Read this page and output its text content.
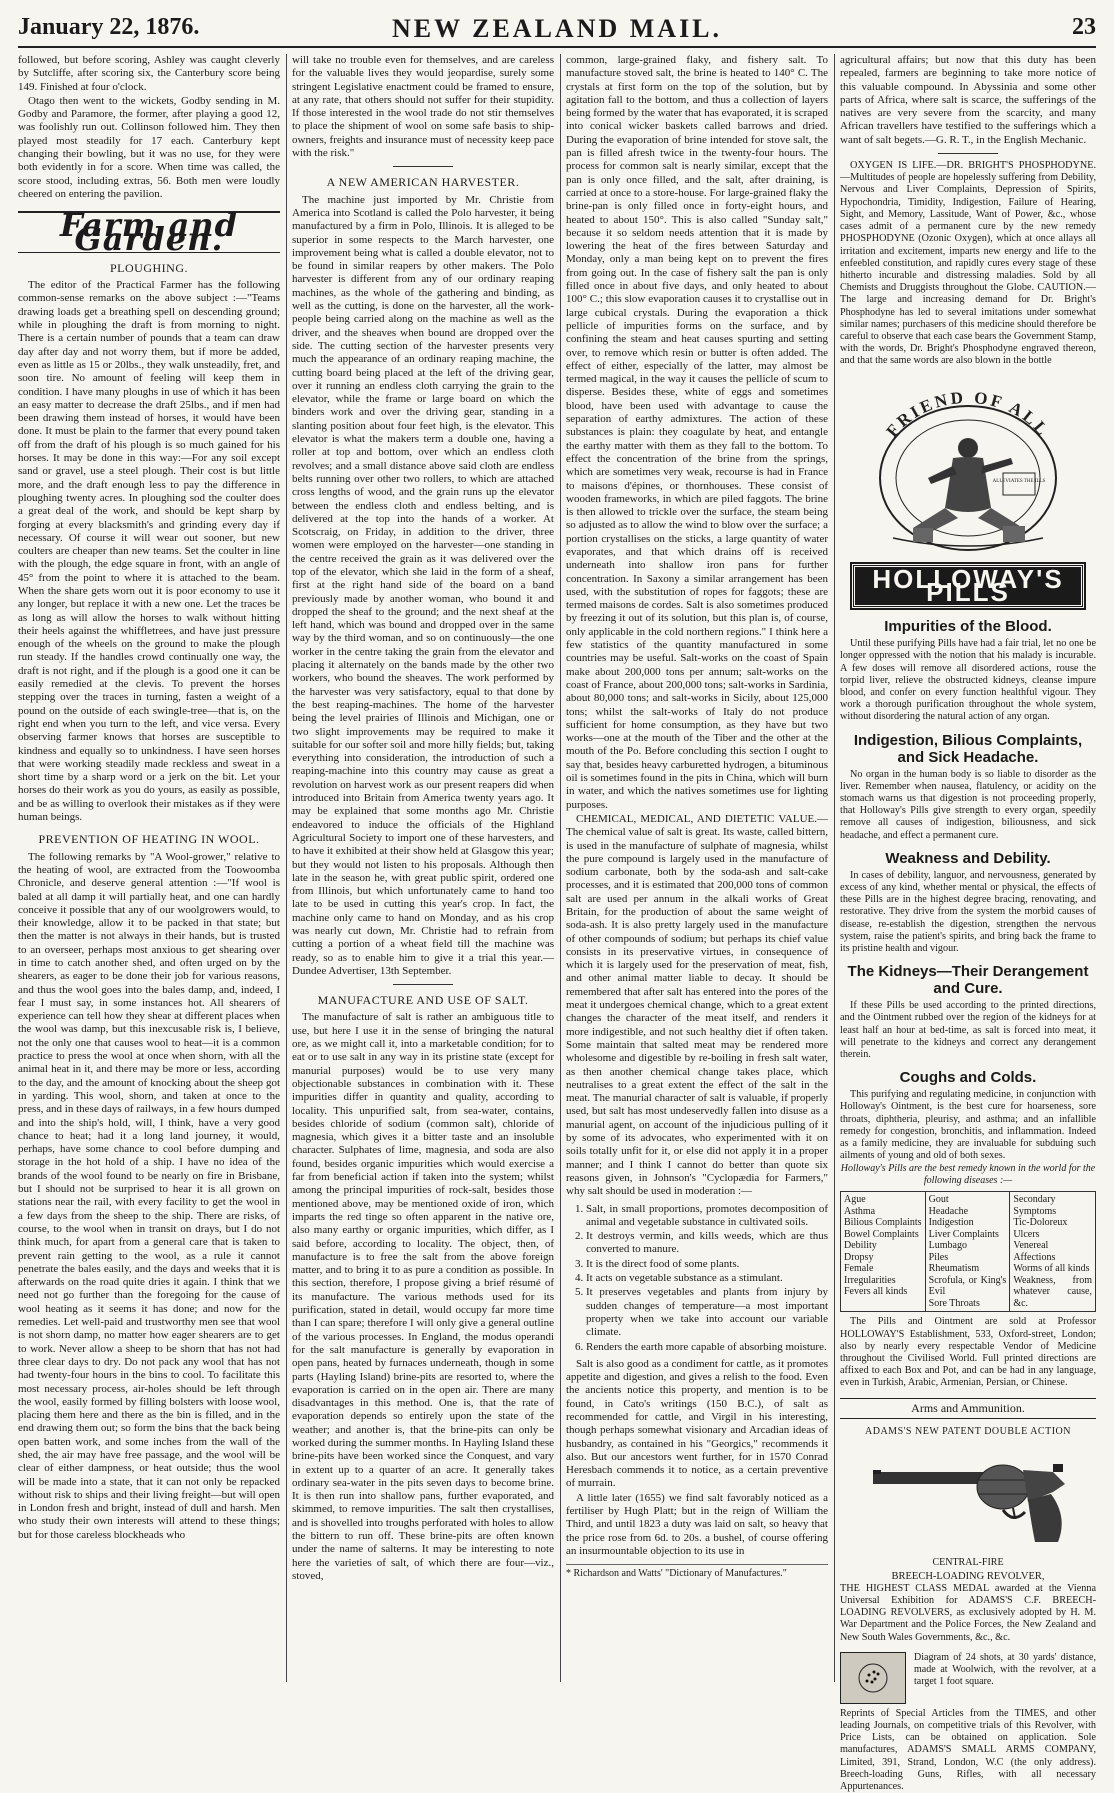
January 22, 1876.	NEW ZEALAND MAIL.	23

followed, but before scoring, Ashley was caught cleverly by Sutcliffe, after scoring six, the Canterbury score being 149. Finished at four o'clock.

Otago then went to the wickets, Godby sending in M. Godby and Paramore, the former, after playing a good 12, was foolishly run out. Collinson followed him. They then played most steadily for 17 each. Canterbury kept changing their bowling, but it was no use, for they were both evidently in for a score. When time was called, the score stood, including extras, 56. Both men were loudly cheered on entering the pavilion.

Farm and Garden.
PLOUGHING.

The editor of the Practical Farmer has the following common-sense remarks on the above subject :—"Teams drawing loads get a breathing spell on descending ground; while in ploughing the draft is from morning to night. There is a certain number of pounds that a team can draw day after day and not worry them, but if more be added, even as little as 15 or 20lbs., they walk unsteadily, fret, and soon tire. No amount of feeling will keep them in condition. I have many ploughs in use of which it has been an easy matter to decrease the draft 25lbs., and if men had been drawing them instead of horses, it would have been done. It must be plain to the farmer that every pound taken off from the draft of his plough is so much gained for his horses. It may be done in this way:—For any soil except sand or gravel, use a steel plough. Their cost is but little more, and the draft enough less to pay the difference in ploughing twenty acres. In ploughing sod the coulter does a great deal of the work, and should be kept sharp by forging at every blacksmith's and grinding every day if necessary. Of course it will wear out sooner, but new coulters are cheaper than new teams. Set the coulter in line with the plough, the edge square in front, with an angle of 45° from the point to where it is attached to the beam. When the share gets worn out it is poor economy to use it any longer, but replace it with a new one. Let the traces be as long as will allow the horses to walk without hitting their heels against the whiffletrees, and have just pressure enough of the wheels on the ground to make the plough run steady. If the handles crowd continually one way, the draft is not right, and if the plough is a good one it can be easily remedied at the clevis. To prevent the horses stepping over the traces in turning, fasten a weight of a pound on the outside of each swingle-tree—that is, on the right end when you turn to the left, and vice versa. Every observing farmer knows that horses are susceptible to kindness and equally so to unkindness. I have seen horses that were working steadily made reckless and sweat in a short time by a sharp word or a jerk on the bit. Let your horses do their work as you do yours, as easily as possible, and be as willing to overlook their mistakes as if they were human beings.

PREVENTION OF HEATING IN WOOL.

The following remarks by "A Wool-grower," relative to the heating of wool, are extracted from the Toowoomba Chronicle, and deserve general attention :—"If wool is baled at all damp it will partially heat, and one can hardly conceive it possible that any of our woolgrowers would, to their knowledge, allow it to be packed in that state; but then the matter is not always in their hands, but is trusted to an overseer, perhaps most anxious to get shearing over in time to catch another shed, and often urged on by the shearers, as eager to be done their job for various reasons, and thus the wool goes into the bales damp, and, indeed, I fear I must say, in some instances hot. All shearers of experience can tell how they shear at different places when the wool was damp, but this inexcusable risk is, I believe, not the only one that causes wool to heat—it is a common practice to press the wool at once when shorn, with all the animal heat in it, and there may be more or less, according to the day, and the amount of knocking about the sheep got in yarding. This wool, shorn, and taken at once to the press, and in these days of railways, in a few hours dumped and into the ship's hold, will, I think, have a very good chance to heat; had it a long land journey, it would, perhaps, have some chance to cool before dumping and storage in the hot hold of a ship. I have no idea of the brands of the wool found to be nearly on fire in Brisbane, but I should not be surprised to hear it is all grown on stations near the rail, with every facility to get the wool in a few days from the sheep to the ship. There are risks, of course, to the wool when in transit on drays, but I do not think much, for apart from a general care that is taken to prevent rain getting to the wool, as a rule it cannot penetrate the bales easily, and the days and weeks that it is afterwards on the road quite dries it again. I think that we need not go further than the foregoing for the cause of wool heating as it seems it has done; and now for the remedies. Let well-paid and trustworthy men see that wool is not shorn damp, no matter how eager shearers are to get to work. Never allow a sheep to be shorn that has not had three clear days to dry. Do not pack any wool that has not had twenty-four hours in the bins to cool. To facilitate this most necessary process, air-holes should be left through the wool, easily formed by filling bolsters with loose wool, placing them here and there as the bin is filled, and in the end drawing them out; so form the bins that the back being open batten work, and some inches from the wall of the shed, the air may have free passage, and the wool will be clear of either dampness, or heat outside; thus the wool will be made into a state, that it can not only be repacked without risk to ships and their living freight—but will open in London fresh and bright, instead of dull and harsh. Men who study their own interests will attend to these things; but for those careless blockheads who

will take no trouble even for themselves, and are careless for the valuable lives they would jeopardise, surely some stringent Legislative enactment could be framed to ensure, at any rate, that others should not suffer for their stupidity. If those interested in the wool trade do not stir themselves to place the shipment of wool on some safe basis to ship-owners, freights and insurance must of necessity keep pace with the risk."

A NEW AMERICAN HARVESTER.

The machine just imported by Mr. Christie from America into Scotland is called the Polo harvester, it being manufactured by a firm in Polo, Illinois. It is alleged to be superior in some respects to the March harvester, one improvement being what is called a double elevator, not to be found in similar reapers by other makers. The Polo harvester is different from any of our ordinary reaping machines, as the whole of the gathering and binding, as well as the cutting, is done on the harvester, all the work-people being carried along on the machine as well as the driver, and the sheaves when bound are dropped over the side. The cutting section of the harvester presents very much the appearance of an ordinary reaping machine, the cutting board being placed at the left of the driving gear, over it running an endless cloth carrying the grain to the elevator, while the frame or large board on which the binders work and over the driving gear, standing in a slanting position about four feet high, is the elevator. This elevator is what the makers term a double one, having a roller at top and bottom, over which an endless cloth revolves; and a small distance above said cloth are endless belts running over other two rollers, to which are attached cross lengths of wood, and the grain runs up the elevator between the endless cloth and endless belting, and is delivered at the top into the hands of a worker. At Scotscraig, on Friday, in addition to the driver, three women were employed on the harvester—one standing in the centre received the grain as it was delivered over the top of the elevator, which she laid in the form of a sheaf, first at the right hand side of the board on a band previously made by another woman, who bound it and dropped the sheaf to the ground; and the next sheaf at the left hand, which was bound and dropped over in the same way by the third woman, and so on continuously—the one worker in the centre taking the grain from the elevator and placing it alternately on the bands made by the other two workers, who bound the sheaves. The work performed by the harvester was very satisfactory, equal to that done by the best reaping-machines. The home of the harvester being the level prairies of Illinois and Michigan, one or two slight improvements may be required to make it suitable for our softer soil and more hilly fields; but, taking everything into consideration, the introduction of such a reaping-machine into this country may cause as great a revolution on harvest work as our present reapers did when introduced into Britain from America twenty years ago. It may be explained that some months ago Mr. Christie endeavored to induce the officials of the Highland Agricultural Society to import one of these harvesters, and to have it exhibited at their show held at Glasgow this year; but they would not listen to his proposals. Although then late in the season he, with great public spirit, ordered one from Illinois, but which unfortunately came to hand too late to be used in cutting this year's crop. In fact, the machine only came to hand on Monday, and as his crop was nearly cut down, Mr. Christie had to refrain from cutting a portion of a wheat field till the machine was ready, so as to enable him to give it a trial this year.—Dundee Advertiser, 13th September.

MANUFACTURE AND USE OF SALT.

The manufacture of salt is rather an ambiguous title to use, but here I use it in the sense of bringing the natural ore, as we might call it, into a marketable condition; for to eat or to use salt in any way in its pristine state (except for manurial purposes) would be to use very many objectionable substances in combination with it. These impurities differ in quantity and quality, according to locality. This unpurified salt, from sea-water, contains, besides chloride of sodium (common salt), chloride of magnesia, which gives it a bitter taste and an insoluble character. Sulphates of lime, magnesia, and soda are also found, besides organic impurities which would exercise a far from beneficial action if taken into the system; whilst among the principal impurities of rock-salt, besides those mentioned above, may be mentioned oxide of iron, which imparts the red tinge so often apparent in the native ore, also many earthy or organic impurities, which differ, as I said before, according to locality. The object, then, of manufacture is to free the salt from the above foreign matter, and to bring it to as pure a condition as possible. In this section, therefore, I propose giving a brief résumé of its manufacture. The various methods used for its purification, stated in detail, would occupy far more time than I can spare; therefore I will only give a general outline of the various processes. In England, the modus operandi for the salt manufacture is generally by evaporation in open pans, heated by furnaces underneath, though in some parts (Hayling Island) brine-pits are resorted to, where the evaporation is carried on in the open air. There are many disadvantages in this method. One is, that the rate of evaporation depends so entirely upon the state of the weather; and another is, that the brine-pits can only be worked during the summer months. In Hayling Island these brine-pits have been worked since the Conquest, and vary in extent up to a quarter of an acre. It generally takes ordinary sea-water in the pits seven days to become brine. It is then run into shallow pans, further evaporated, and skimmed, to remove impurities. The salt then crystallises, and is shovelled into troughs perforated with holes to allow the bittern to run off. These brine-pits are often known under the name of salterns. It may be interesting to note here the varieties of salt, of which there are four—viz., stoved,

common, large-grained flaky, and fishery salt. To manufacture stoved salt, the brine is heated to 140° C. The crystals at first form on the top of the solution, but by agitation fall to the bottom, and thus a collection of layers being formed by the water that has evaporated, it is scraped into conical wicker baskets called barrows and dried. During the evaporation of brine intended for stove salt, the pan is filled afresh twice in the twenty-four hours. The process for common salt is nearly similar, except that the pan is only once filled, and the salt, after draining, is carried at once to a store-house. For large-grained flaky the brine-pan is only filled once in forty-eight hours, and heated to about 150°. This is also called "Sunday salt," because it so seldom needs attention that it is made by lowering the heat of the fires between Saturday and Monday, only a man being kept on to prevent the fires from going out. In the case of fishery salt the pan is only filled once in about five days, and only heated to about 100° C.; this slow evaporation causes it to crystallise out in large cubical crystals. During the evaporation a thick pellicle of impurities forms on the surface, and by confining the steam and heat causes spurting and setting over, to remove which resin or butter is often added. The effect of either, especially of the latter, may almost be termed magical, in the way it causes the pellicle of scum to disperse. Besides these, white of eggs and sometimes blood, have been used with advantage to cause the separation of earthy admixtures. The action of these substances is plain: they coagulate by heat, and entangle the earthy matter with them as they fall to the bottom. To effect the concentration of the brine from the springs, which are sometimes very weak, recourse is had in France to maisons d'épines, or thornhouses. These consist of wooden frameworks, in which are piled faggots. The brine is then allowed to trickle over the surface, the steam being so adjusted as to allow the wind to blow over the surface; a portion crystallises on the sticks, a large quantity of water evaporates, and that which drains off is received underneath into shallow iron pans for further concentration. In Saxony a similar arrangement has been used, with the substitution of ropes for faggots; these are termed maisons de cordes. Salt is also sometimes produced by freezing it out of its solution, but this plan is, of course, only applicable in the cold northern regions." I think here a few statistics of the quantity manufactured in some countries may be useful. Salt-works on the coast of Spain make about 200,000 tons per annum; salt-works on the coast of France, about 200,000 tons; salt-works in Sardinia, about 80,000 tons; and salt-works in Sicily, about 125,000 tons; whilst the salt-works of Italy do not produce sufficient for home consumption, as they have but two works—one at the mouth of the Tiber and the other at the mouth of the Po. Before concluding this section I ought to say that, besides heavy carburetted hydrogen, a bituminous oil is sometimes found in the pits in China, which will burn in water, and which the natives sometimes use for lighting purposes.

CHEMICAL, MEDICAL, AND DIETETIC VALUE.—The chemical value of salt is great. Its waste, called bittern, is used in the manufacture of sulphate of magnesia, whilst the pure compound is largely used in the manufacture of sodium carbonate, both by the soda-ash and salt-cake processes, and it is estimated that 200,000 tons of common salt are used per annum in the alkali works of Great Britain, for the production of about the same weight of soda-ash. It is also pretty largely used in the manufacture of other compounds of sodium; but perhaps its chief value consists in its preservative virtues, in consequence of which it is largely used for the preservation of meat, fish, and other animal matter liable to decay. It should be remembered that after salt has entered into the pores of the meat it undergoes chemical change, which to a great extent changes the character of the meat itself, and renders it more indigestible, and not such healthy diet if often taken. Some maintain that salted meat may be rendered more wholesome and digestible by re-boiling in fresh salt water, as then another chemical change takes place, which neutralises to a great extent the effect of the salt in the meat. The manurial character of salt is valuable, if properly used, but salt has most undeservedly fallen into disuse as a manurial agent, on account of the injudicious pulling of it by some of its advocates, who experimented with it on soils totally unfit for it, or else did not apply it in a proper manner; and I think I cannot do better than quote six reasons given, in Johnson's "Cyclopædia for Farmers," why salt should be used in moderation :—

1. Salt, in small proportions, promotes decomposition of animal and vegetable substance in cultivated soils.
2. It destroys vermin, and kills weeds, which are thus converted to manure.
3. It is the direct food of some plants.
4. It acts on vegetable substance as a stimulant.
5. It preserves vegetables and plants from injury by sudden changes of temperature—a most important property when we take into account our variable climate.
6. Renders the earth more capable of absorbing moisture.

Salt is also good as a condiment for cattle, as it promotes appetite and digestion, and gives a relish to the food. Even the ancients notice this property, and mention is to be found, in Cato's writings (150 B.C.), of salt as recommended for cattle, and Virgil in his interesting, though perhaps somewhat visionary and Arcadian ideas of husbandry, as contained in his "Georgics," recommends it also. But our ancestors went further, for in 1570 Conrad Heresbach commends it to notice, as a certain preventive of murrain.

A little later (1655) we find salt favorably noticed as a fertiliser by Hugh Platt; but in the reign of William the Third, and until 1823 a duty was laid on salt, so heavy that the price rose from 6d. to 20s. a bushel, of course offering an insurmountable objection to its use in

* Richardson and Watts' "Dictionary of Manufactures."

agricultural affairs; but now that this duty has been repealed, farmers are beginning to take more notice of this valuable compound. In Abyssinia and some other parts of Africa, where salt is scarce, the sufferings of the natives are very severe from the scarcity, and many African travellers have testified to the sufferings which a want of salt begets.—G. R. T., in the English Mechanic.

OXYGEN IS LIFE.—DR. BRIGHT'S PHOSPHODYNE.—Multitudes of people are hopelessly suffering from Debility, Nervous and Liver Complaints, Depression of Spirits, Hypochondria, Timidity, Indigestion, Failure of Hearing, Sight, and Memory, Lassitude, Want of Power, &c., whose cases admit of a permanent cure by the new remedy PHOSPHODYNE (Ozonic Oxygen), which at once allays all irritation and excitement, imparts new energy and life to the enfeebled constitution, and rapidly cures every stage of these hitherto incurable and distressing maladies. Sold by all Chemists and Druggists throughout the Globe. CAUTION.—The large and increasing demand for Dr. Bright's Phosphodyne has led to several imitations under somewhat similar names; purchasers of this medicine should therefore be careful to observe that each case bears the Government Stamp, with the words, Dr. Bright's Phosphodyne engraved thereon, and that the same words are also blown in the bottle

FRIEND OF ALL
ALLEVIATES THE ILLS
HOLLOWAY'S PILLS
Impurities of the Blood.

Until these purifying Pills have had a fair trial, let no one be longer oppressed with the notion that his malady is incurable. A few doses will remove all disordered actions, rouse the torpid liver, relieve the obstructed kidneys, cleanse impure blood, and confer on every function healthful vigour. They work a thorough purification throughout the whole system, without disordering the natural action of any organ.

Indigestion, Bilious Complaints, and Sick Headache.

No organ in the human body is so liable to disorder as the liver. Remember when nausea, flatulency, or acidity on the stomach warns us that digestion is not proceeding properly, that Holloway's Pills give strength to every organ, speedily remove all causes of indigestion, biliousness, and sick headache, and effect a permanent cure.

Weakness and Debility.

In cases of debility, languor, and nervousness, generated by excess of any kind, whether mental or physical, the effects of these Pills are in the highest degree bracing, renovating, and restorative. They drive from the system the morbid causes of disease, re-establish the digestion, strengthen the nervous system, raise the patient's spirits, and bring back the frame to its pristine health and vigour.

The Kidneys—Their Derangement and Cure.

If these Pills be used according to the printed directions, and the Ointment rubbed over the region of the kidneys for at least half an hour at bed-time, as salt is forced into meat, it will penetrate to the kidneys and correct any derangement therein.

Coughs and Colds.

This purifying and regulating medicine, in conjunction with Holloway's Ointment, is the best cure for hoarseness, sore throats, diphtheria, pleurisy, and asthma; and an infallible remedy for congestion, bronchitis, and inflammation. Indeed as a family medicine, they are invaluable for subduing such ailments of young and old of both sexes.

Holloway's Pills are the best remedy known in the world for the following diseases :—
Ague
Asthma
Bilious Complaints
Bowel Complaints
Debility
Dropsy
Female Irregularities
Fevers all kinds
Gout
Headache
Indigestion
Liver Complaints
Lumbago
Piles
Rheumatism
Scrofula, or King's Evil
Sore Throats
Secondary Symptoms
Tic-Doloreux
Ulcers
Venereal Affections
Worms of all kinds
Weakness, from whatever cause, &c.

The Pills and Ointment are sold at Professor HOLLOWAY'S Establishment, 533, Oxford-street, London; also by nearly every respectable Vendor of Medicine throughout the Civilised World. Full printed directions are affixed to each Box and Pot, and can be had in any language, even in Turkish, Arabic, Armenian, Persian, or Chinese.

Arms and Ammunition.
ADAMS'S NEW PATENT DOUBLE ACTION
CENTRAL-FIRE
BREECH-LOADING REVOLVER,

THE HIGHEST CLASS MEDAL awarded at the Vienna Universal Exhibition for ADAMS'S C.F. BREECH-LOADING REVOLVERS, as exclusively adopted by H. M. War Department and the Police Forces, the New Zealand and New South Wales Governments, &c., &c.

Diagram of 24 shots, at 30 yards' distance, made at Woolwich, with the revolver, at a target 1 foot square.

Reprints of Special Articles from the TIMES, and other leading Journals, on competitive trials of this Revolver, with Price Lists, can be obtained on application. Sole manufactures, ADAMS'S SMALL ARMS COMPANY, Limited, 391, Strand, London, W.C (the only address). Breech-loading Guns, Rifles, with all necessary Appurtenances.
